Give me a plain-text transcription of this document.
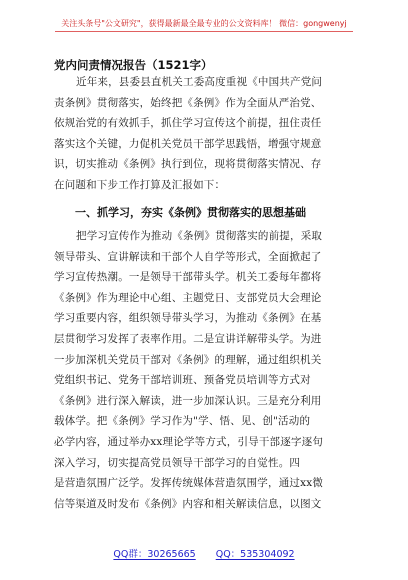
关注头条号"公文研究"，获得最新最全最专业的公文资料库！ 微信：gongwenyj
党内问责情况报告（1521字）
近年来，县委县直机关工委高度重视《中国共产党问
责条例》贯彻落实，始终把《条例》作为全面从严治党、
依规治党的有效抓手，抓住学习宣传这个前提，扭住责任
落实这个关键，力促机关党员干部学思践悟，增强守规意
识，切实推动《条例》执行到位，现将贯彻落实情况、存
在问题和下步工作打算及汇报如下：
一、抓学习，夯实《条例》贯彻落实的思想基础
把学习宣传作为推动《条例》贯彻落实的前提，采取
领导带头、宣讲解读和干部个人自学等形式，全面掀起了
学习宣传热潮。一是领导干部带头学。机关工委每年都将
《条例》作为理论中心组、主题党日、支部党员大会理论
学习重要内容，组织领导带头学习，为推动《条例》在基
层贯彻学习发挥了表率作用。二是宣讲详解带头学。为进
一步加深机关党员干部对《条例》的理解，通过组织机关
党组织书记、党务干部培训班、预备党员培训等方式对
《条例》进行深入解读，进一步加深认识。三是充分利用
载体学。把《条例》学习作为"学、悟、见、创"活动的
必学内容，通过举办xx理论学等方式，引导干部逐字逐句
深入学习，切实提高党员领导干部学习的自觉性。四
是营造氛围广泛学。发挥传统媒体营造氛围学，通过xx微
信等渠道及时发布《条例》内容和相关解读信息，以图文
QQ群：30265665 QQ：535304092
